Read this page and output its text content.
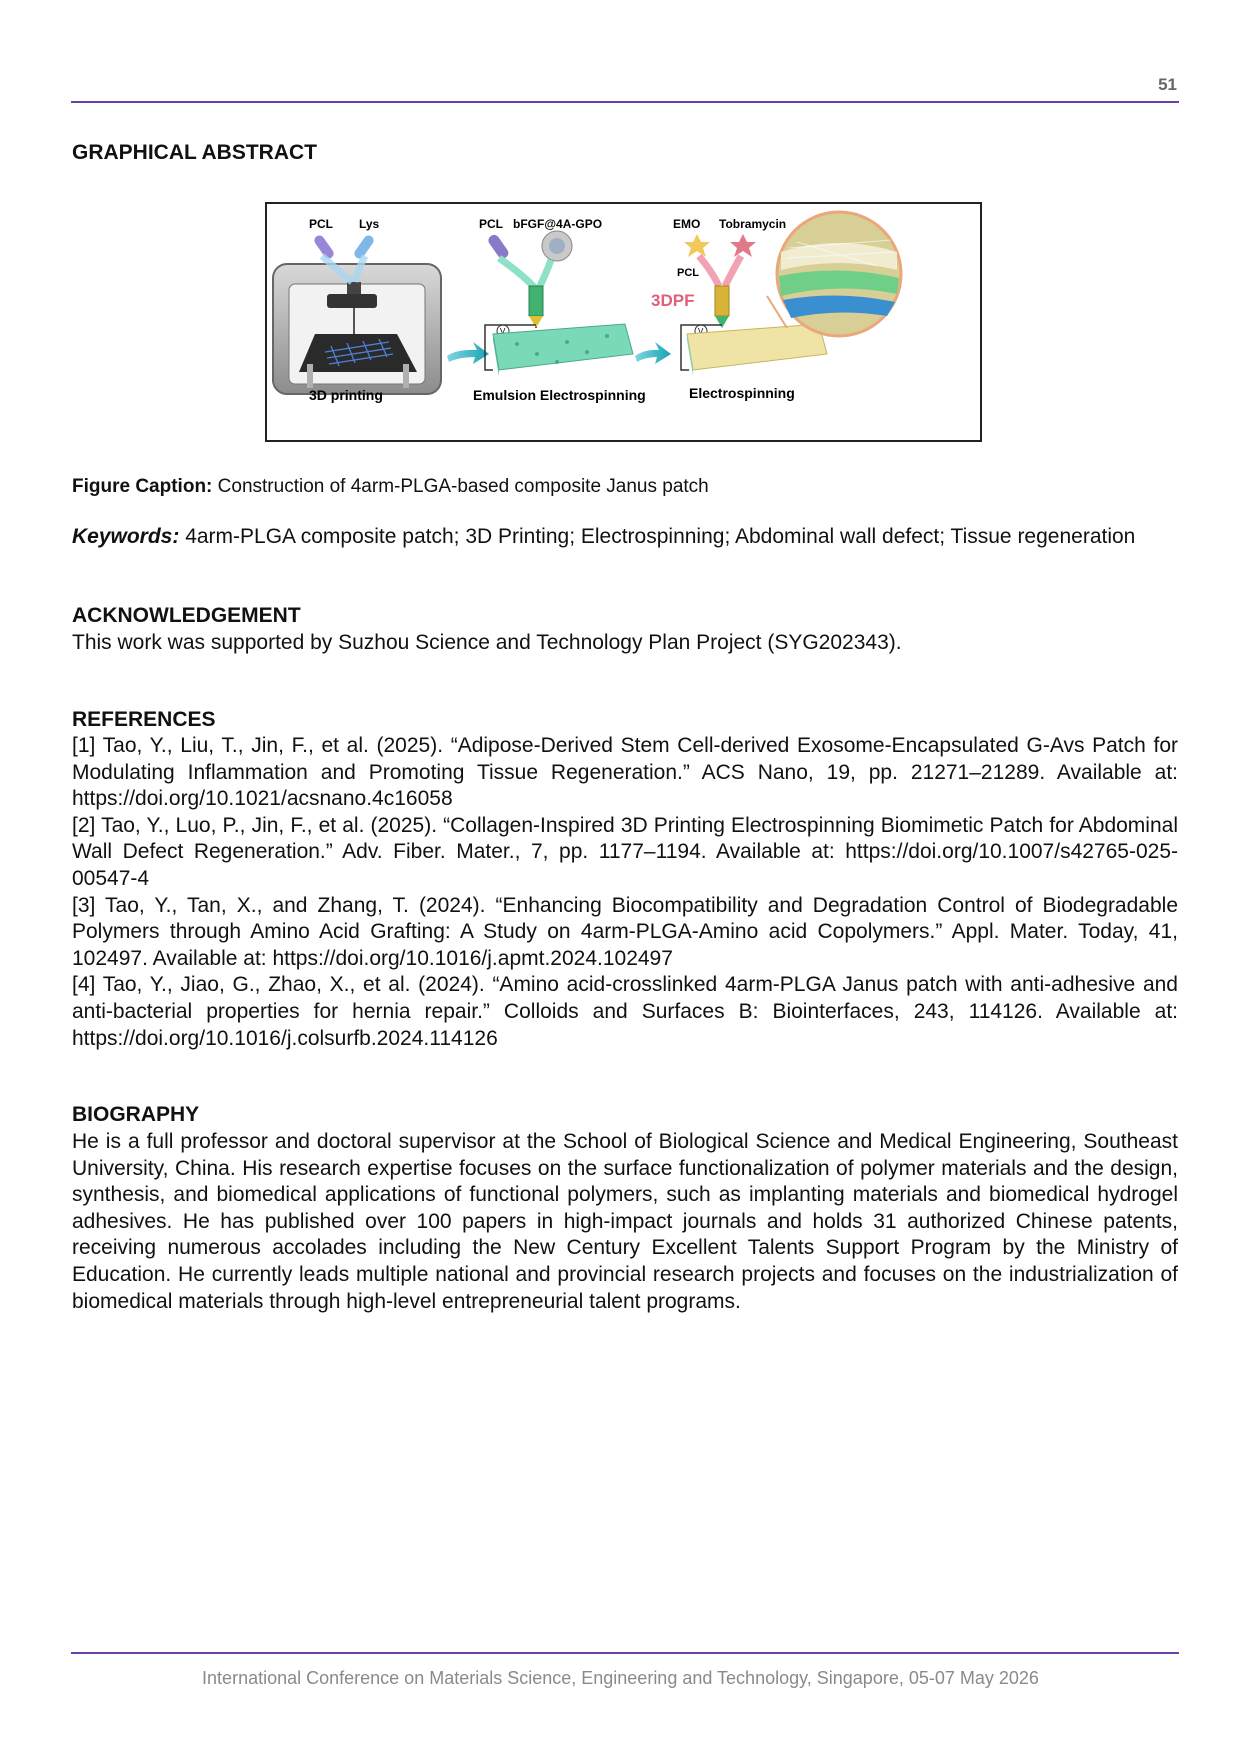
51
GRAPHICAL ABSTRACT
PCL Lys
3D printing
V
PCL bFGF@4A-GPO
Emulsion Electrospinning
V
EMO Tobramycin
PCL
3DPF
Electrospinning
Figure Caption: Construction of 4arm-PLGA-based composite Janus patch
Keywords: 4arm-PLGA composite patch; 3D Printing; Electrospinning; Abdominal wall defect; Tissue regeneration
ACKNOWLEDGEMENT
This work was supported by Suzhou Science and Technology Plan Project (SYG202343).
REFERENCES
[1] Tao, Y., Liu, T., Jin, F., et al. (2025). “Adipose-Derived Stem Cell-derived Exosome-Encapsulated G-Avs Patch for Modulating Inflammation and Promoting Tissue Regeneration.” ACS Nano, 19, pp. 21271–21289. Available at: https://doi.org/10.1021/acsnano.4c16058
[2] Tao, Y., Luo, P., Jin, F., et al. (2025). “Collagen-Inspired 3D Printing Electrospinning Biomimetic Patch for Abdominal Wall Defect Regeneration.” Adv. Fiber. Mater., 7, pp. 1177–1194. Available at: https://doi.org/10.1007/s42765-025-00547-4
[3] Tao, Y., Tan, X., and Zhang, T. (2024). “Enhancing Biocompatibility and Degradation Control of Biodegradable Polymers through Amino Acid Grafting: A Study on 4arm-PLGA-Amino acid Copolymers.” Appl. Mater. Today, 41, 102497. Available at: https://doi.org/10.1016/j.apmt.2024.102497
[4] Tao, Y., Jiao, G., Zhao, X., et al. (2024). “Amino acid-crosslinked 4arm-PLGA Janus patch with anti-adhesive and anti-bacterial properties for hernia repair.” Colloids and Surfaces B: Biointerfaces, 243, 114126. Available at: https://doi.org/10.1016/j.colsurfb.2024.114126
BIOGRAPHY
He is a full professor and doctoral supervisor at the School of Biological Science and Medical Engineering, Southeast University, China. His research expertise focuses on the surface functionalization of polymer materials and the design, synthesis, and biomedical applications of functional polymers, such as implanting materials and biomedical hydrogel adhesives. He has published over 100 papers in high-impact journals and holds 31 authorized Chinese patents, receiving numerous accolades including the New Century Excellent Talents Support Program by the Ministry of Education. He currently leads multiple national and provincial research projects and focuses on the industrialization of biomedical materials through high-level entrepreneurial talent programs.
International Conference on Materials Science, Engineering and Technology, Singapore, 05-07 May 2026
